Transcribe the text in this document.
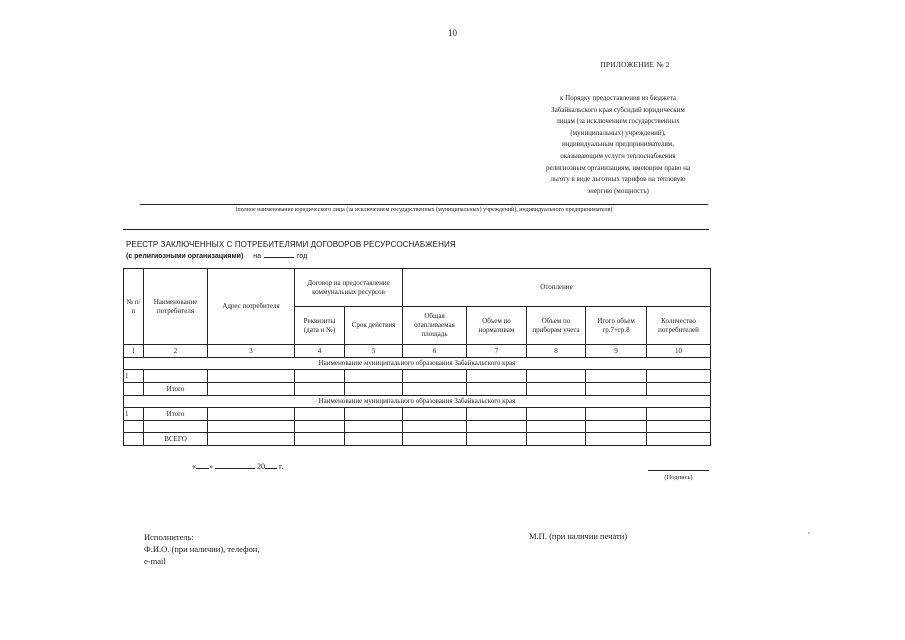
10
ПРИЛОЖЕНИЕ № 2
к Порядку предоставления из бюджета
Забайкальского края субсидий юридическим
лицам (за исключением государственных
(муниципальных) учреждений),
индивидуальным предпринимателям,
оказывающим услуги теплоснабжения
религиозным организациям, имеющим право на
льготу в виде льготных тарифов на тепловую
энергию (мощность)
(полное наименование юридического лица (за исключением государственных (муниципальных) учреждений), индивидуального предпринимателя)
РЕЕСТР ЗАКЛЮЧЕННЫХ С ПОТРЕБИТЕЛЯМИ ДОГОВОРОВ РЕСУРСОСНАБЖЕНИЯ
(с религиозными организациями) на	год
№ п/п	Наименование потребителя	Адрес потребителя	Договор на предоставление коммунальных ресурсов		Отопление				
			Реквизиты (дата и №)	Срок действия	Общая отапливаемая площадь	Объем по нормативам	Объем по приборам учета	Итого объем гр.7+гр.8	Количество потребителей
1	2	3	4	5	6	7	8	9	10
Наименование муниципального образования Забайкальского края									
1									
	Итого								
Наименование муниципального образования Забайкальского края									
1	Итого								

	ВСЕГО								
« »	20 г.
(Подпись)
Исполнитель:
Ф.И.О. (при наличии), телефон,
e-mail
М.П. (при наличии печати)
